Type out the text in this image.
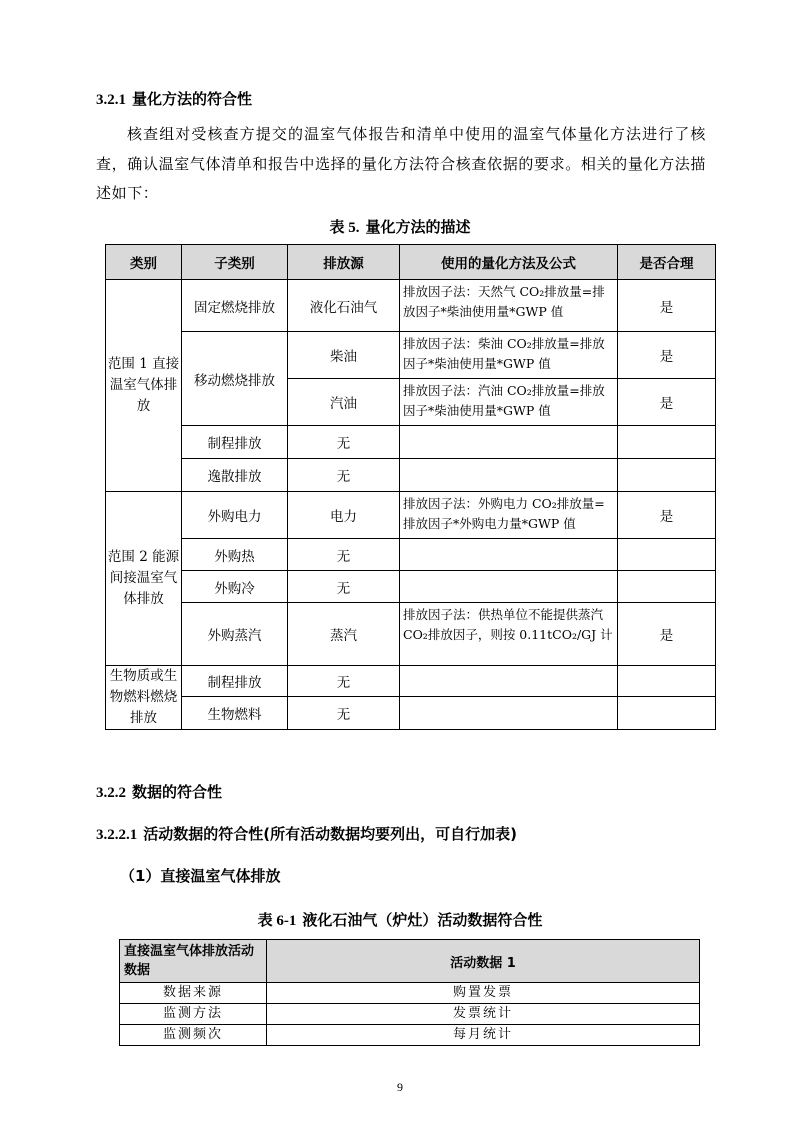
3.2.1 量化方法的符合性

核查组对受核查方提交的温室气体报告和清单中使用的温室气体量化方法进行了核查，确认温室气体清单和报告中选择的量化方法符合核查依据的要求。相关的量化方法描述如下：

表 5. 量化方法的描述
类别	子类别	排放源	使用的量化方法及公式	是否合理
范围 1 直接温室气体排放	固定燃烧排放	液化石油气	排放因子法：天然气 CO₂排放量=排放因子*柴油使用量*GWP 值	是
	移动燃烧排放	柴油	排放因子法：柴油 CO₂排放量=排放因子*柴油使用量*GWP 值	是
		汽油	排放因子法：汽油 CO₂排放量=排放因子*柴油使用量*GWP 值	是
	制程排放	无		
	逸散排放	无		
范围 2 能源间接温室气体排放	外购电力	电力	排放因子法：外购电力 CO₂排放量=排放因子*外购电力量*GWP 值	是
	外购热	无		
	外购冷	无		
	外购蒸汽	蒸汽	排放因子法：供热单位不能提供蒸汽 CO₂排放因子，则按 0.11tCO₂/GJ 计	是
生物质或生物燃料燃烧排放	制程排放	无		
	生物燃料	无		
3.2.2 数据的符合性
3.2.2.1 活动数据的符合性(所有活动数据均要列出，可自行加表)
（1）直接温室气体排放
表 6-1 液化石油气（炉灶）活动数据符合性
直接温室气体排放活动数据	活动数据 1
数据来源	购置发票
监测方法	发票统计
监测频次	每月统计
9
